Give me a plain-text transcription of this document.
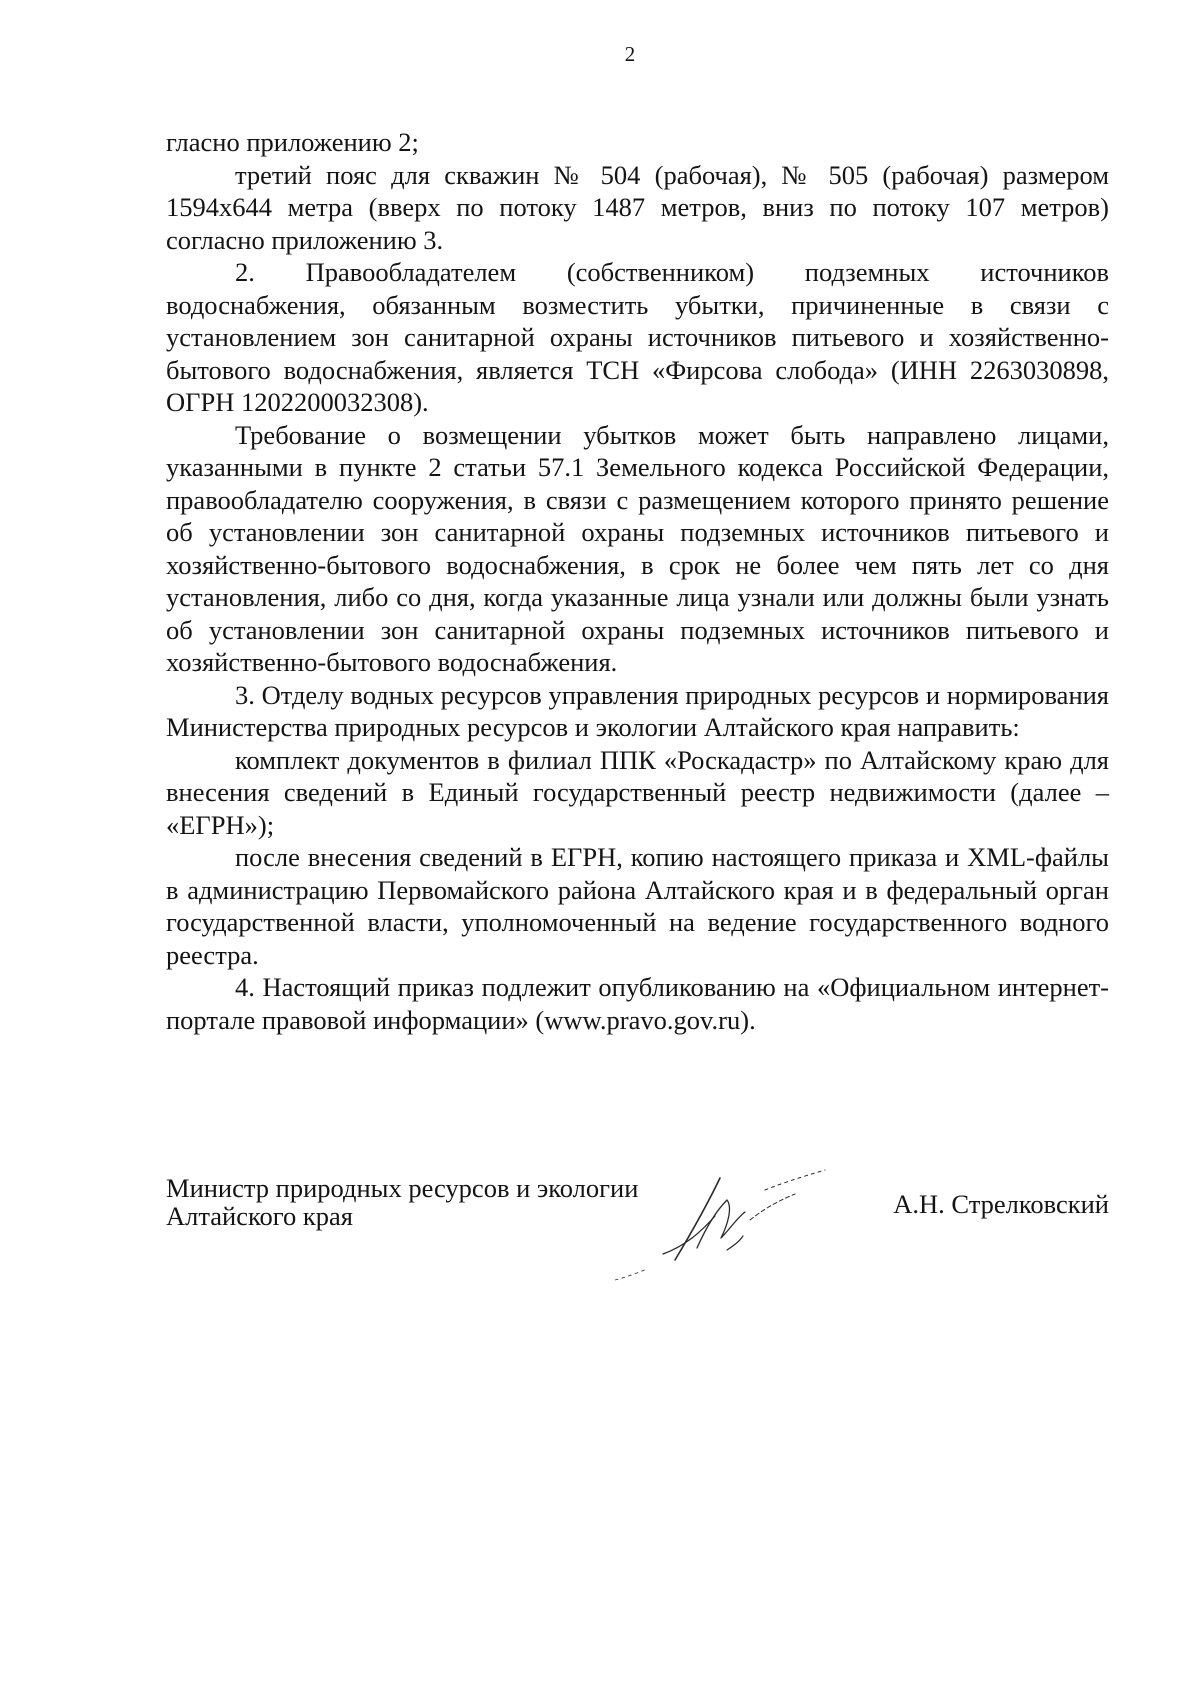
2

гласно приложению 2;

третий пояс для скважин № 504 (рабочая), № 505 (рабочая) размером 1594x644 метра (вверх по потоку 1487 метров, вниз по потоку 107 метров) согласно приложению 3.

2. Правообладателем (собственником) подземных источников водоснабжения, обязанным возместить убытки, причиненные в связи с установлением зон санитарной охраны источников питьевого и хозяйственно-бытового водоснабжения, является ТСН «Фирсова слобода» (ИНН 2263030898, ОГРН 1202200032308).

Требование о возмещении убытков может быть направлено лицами, указанными в пункте 2 статьи 57.1 Земельного кодекса Российской Федерации, правообладателю сооружения, в связи с размещением которого принято решение об установлении зон санитарной охраны подземных источников питьевого и хозяйственно-бытового водоснабжения, в срок не более чем пять лет со дня установления, либо со дня, когда указанные лица узнали или должны были узнать об установлении зон санитарной охраны подземных источников питьевого и хозяйственно-бытового водоснабжения.

3. Отделу водных ресурсов управления природных ресурсов и нормирования Министерства природных ресурсов и экологии Алтайского края направить:

комплект документов в филиал ППК «Роскадастр» по Алтайскому краю для внесения сведений в Единый государственный реестр недвижимости (далее – «ЕГРН»);

после внесения сведений в ЕГРН, копию настоящего приказа и XML-файлы в администрацию Первомайского района Алтайского края и в федеральный орган государственной власти, уполномоченный на ведение государственного водного реестра.

4. Настоящий приказ подлежит опубликованию на «Официальном интернет-портале правовой информации» (www.pravo.gov.ru).

Министр природных ресурсов и экологии
Алтайского края	А.Н. Стрелковский
